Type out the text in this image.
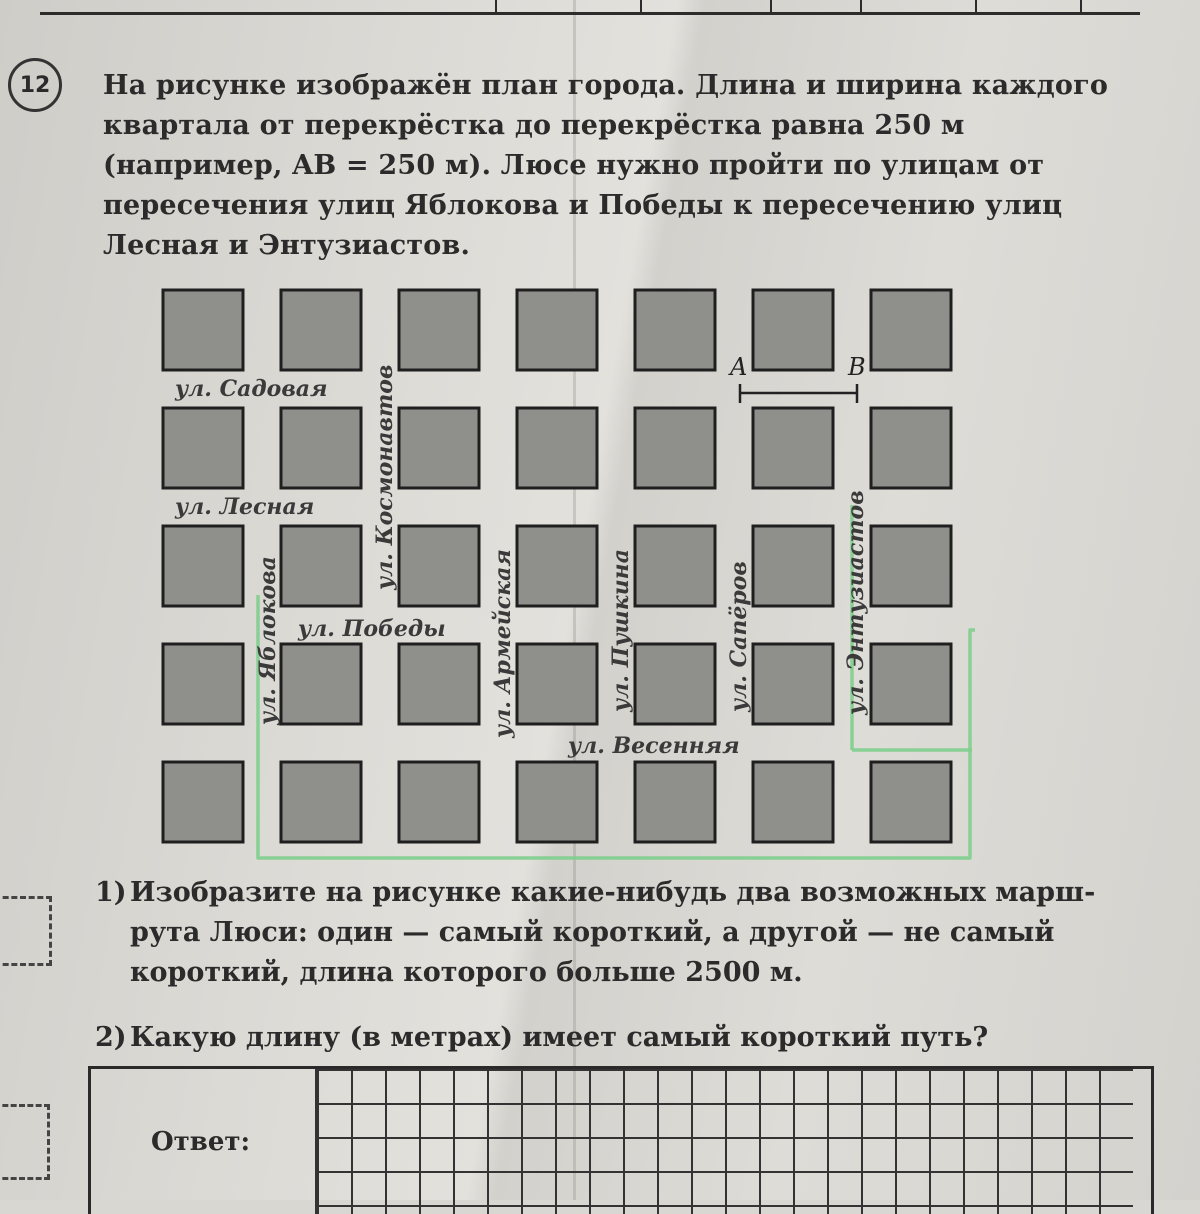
12	На рисунке изображён план города. Длина и ширина каждого квартала от перекрёстка до перекрёстка равна 250 м (например, AB = 250 м). Люсе нужно пройти по улицам от пересечения улиц Яблокова и Победы к пересечению улиц Лесная и Энтузиастов.
A	B
ул. Садовая
ул. Лесная
ул. Победы
ул. Весенняя
ул. Яблокова
ул. Космонавтов
ул. Армейская	ул. Пушкина	ул. Сапёров	ул. Энтузиастов
1) Изобразите на рисунке какие-нибудь два возможных марш-
рута Люси: один — самый короткий, а другой — не самый
короткий, длина которого больше 2500 м.
2) Какую длину (в метрах) имеет самый короткий путь?
Ответ:
